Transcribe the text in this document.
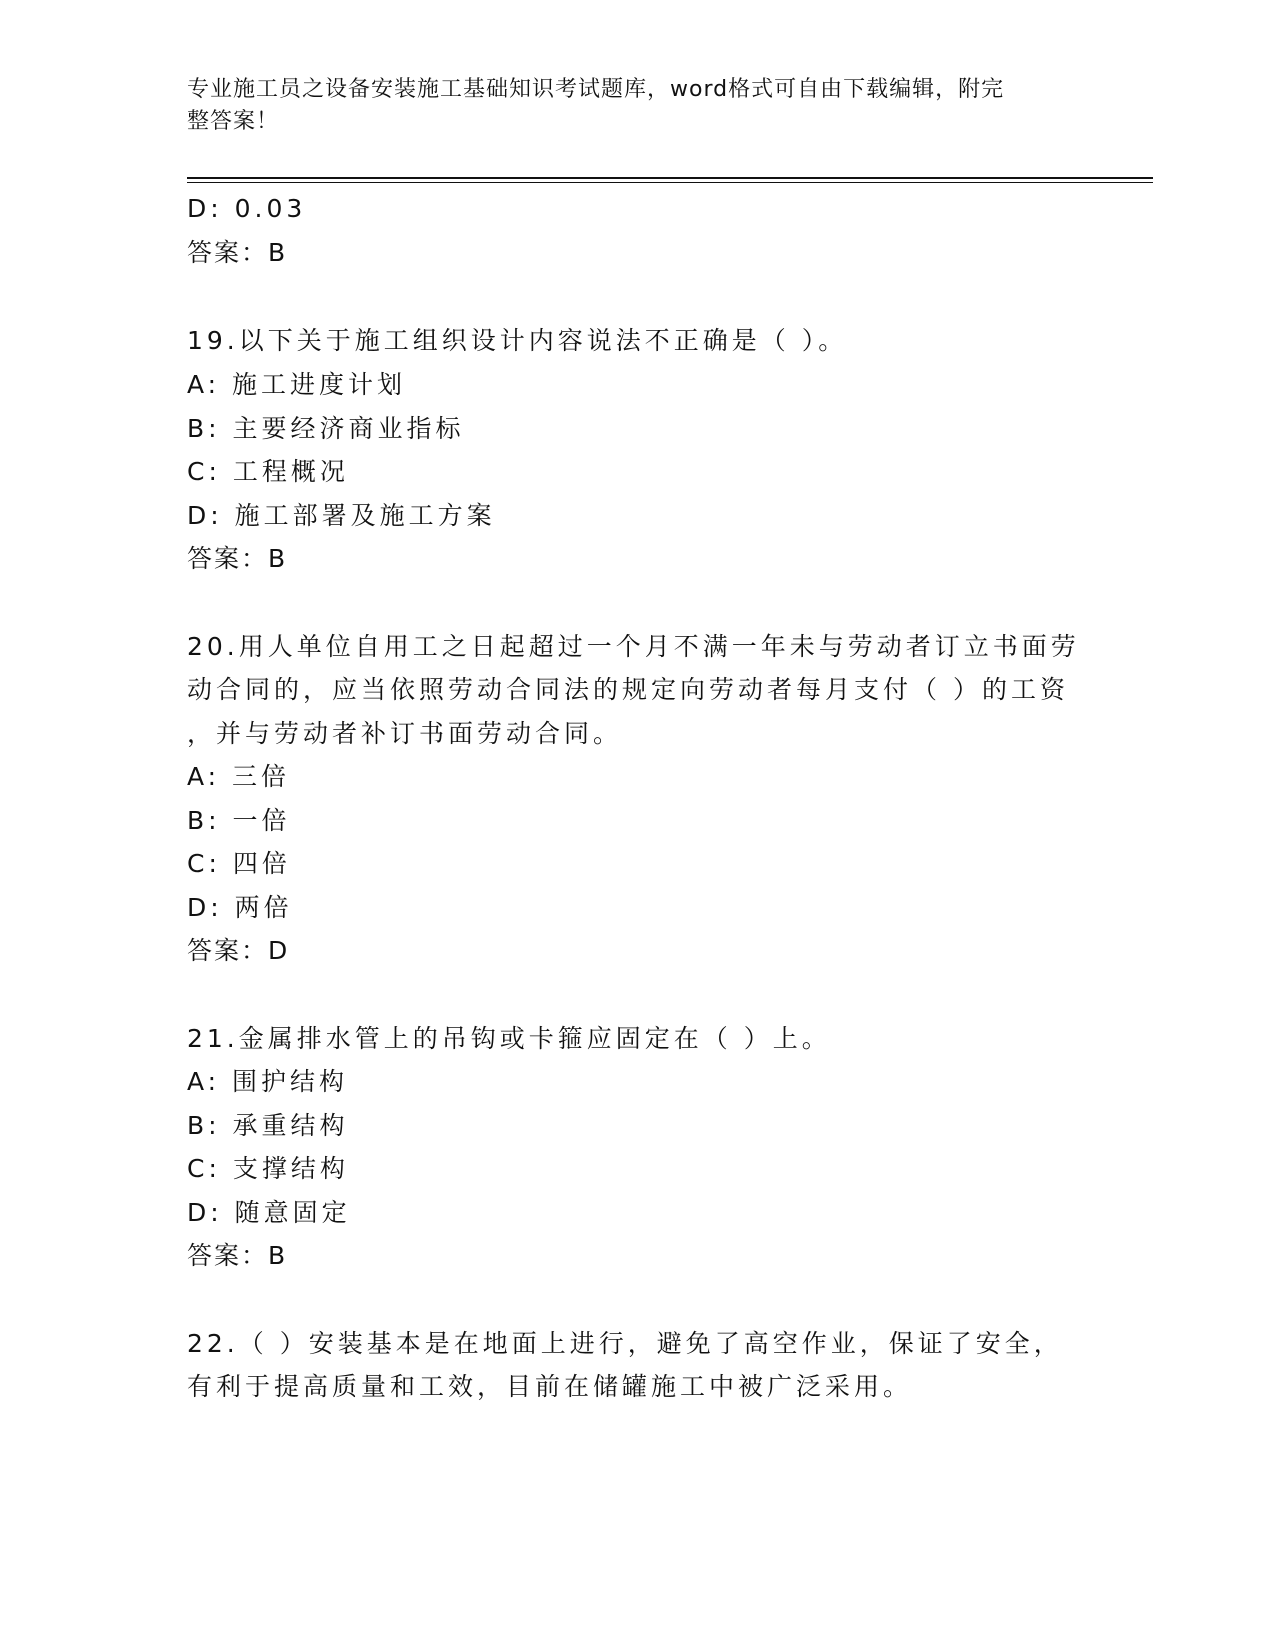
专业施工员之设备安装施工基础知识考试题库，word格式可自由下载编辑，附完
整答案！
D: 0.03
答案：B
19.以下关于施工组织设计内容说法不正确是（ ）。
A: 施工进度计划
B: 主要经济商业指标
C: 工程概况
D: 施工部署及施工方案
答案：B
20.用人单位自用工之日起超过一个月不满一年未与劳动者订立书面劳
动合同的，应当依照劳动合同法的规定向劳动者每月支付（ ）的工资
，并与劳动者补订书面劳动合同。
A: 三倍
B: 一倍
C: 四倍
D: 两倍
答案：D
21.金属排水管上的吊钩或卡箍应固定在（ ）上。
A: 围护结构
B: 承重结构
C: 支撑结构
D: 随意固定
答案：B
22.（ ）安装基本是在地面上进行，避免了高空作业，保证了安全，
有利于提高质量和工效，目前在储罐施工中被广泛采用。
